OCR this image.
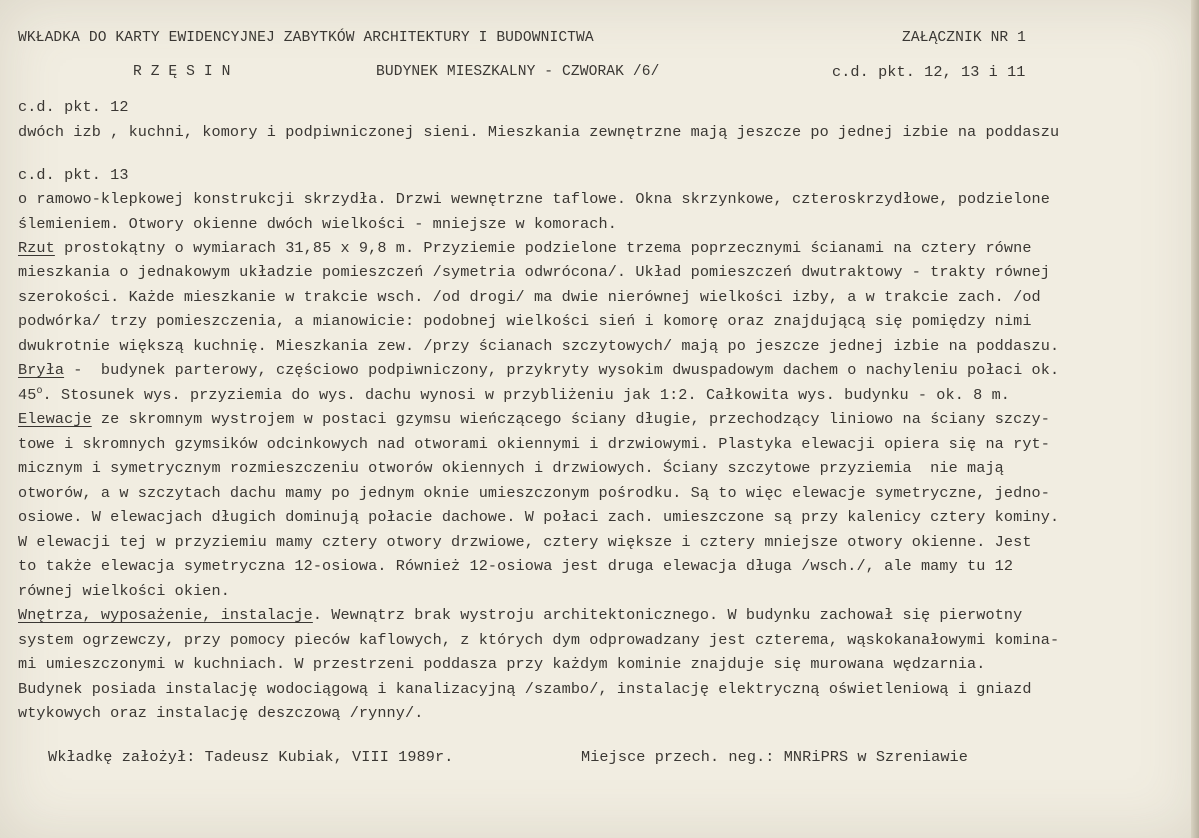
WKŁADKA DO KARTY EWIDENCYJNEJ ZABYTKÓW ARCHITEKTURY I BUDOWNICTWA	ZAŁĄCZNIK NR 1
R Z Ę S I N	BUDYNEK MIESZKALNY - CZWORAK /6/	c.d. pkt. 12, 13 i 11
c.d. pkt. 12
dwóch izb , kuchni, komory i podpiwniczonej sieni. Mieszkania zewnętrzne mają jeszcze po jednej izbie na poddaszu
c.d. pkt. 13
o ramowo-klepkowej konstrukcji skrzydła. Drzwi wewnętrzne taflowe. Okna skrzynkowe, czteroskrzydłowe, podzielone
ślemieniem. Otwory okienne dwóch wielkości - mniejsze w komorach.
Rzut prostokątny o wymiarach 31,85 x 9,8 m. Przyziemie podzielone trzema poprzecznymi ścianami na cztery równe
mieszkania o jednakowym układzie pomieszczeń /symetria odwrócona/. Układ pomieszczeń dwutraktowy - trakty równej
szerokości. Każde mieszkanie w trakcie wsch. /od drogi/ ma dwie nierównej wielkości izby, a w trakcie zach. /od
podwórka/ trzy pomieszczenia, a mianowicie: podobnej wielkości sień i komorę oraz znajdującą się pomiędzy nimi
dwukrotnie większą kuchnię. Mieszkania zew. /przy ścianach szczytowych/ mają po jeszcze jednej izbie na poddaszu.
Bryła -  budynek parterowy, częściowo podpiwniczony, przykryty wysokim dwuspadowym dachem o nachyleniu połaci ok.
45$^o$. Stosunek wys. przyziemia do wys. dachu wynosi w przybliżeniu jak 1:2. Całkowita wys. budynku - ok. 8 m.
Elewacje ze skromnym wystrojem w postaci gzymsu wieńczącego ściany długie, przechodzący liniowo na ściany szczy-
towe i skromnych gzymsików odcinkowych nad otworami okiennymi i drzwiowymi. Plastyka elewacji opiera się na ryt-
micznym i symetrycznym rozmieszczeniu otworów okiennych i drzwiowych. Ściany szczytowe przyziemia  nie mają
otworów, a w szczytach dachu mamy po jednym oknie umieszczonym pośrodku. Są to więc elewacje symetryczne, jedno-
osiowe. W elewacjach długich dominują połacie dachowe. W połaci zach. umieszczone są przy kalenicy cztery kominy.
W elewacji tej w przyziemiu mamy cztery otwory drzwiowe, cztery większe i cztery mniejsze otwory okienne. Jest
to także elewacja symetryczna 12-osiowa. Również 12-osiowa jest druga elewacja długa /wsch./, ale mamy tu 12
równej wielkości okien.
Wnętrza, wyposażenie, instalacje. Wewnątrz brak wystroju architektonicznego. W budynku zachował się pierwotny
system ogrzewczy, przy pomocy pieców kaflowych, z których dym odprowadzany jest czterema, wąskokanałowymi komina-
mi umieszczonymi w kuchniach. W przestrzeni poddasza przy każdym kominie znajduje się murowana wędzarnia.
Budynek posiada instalację wodociągową i kanalizacyjną /szambo/, instalację elektryczną oświetleniową i gniazd
wtykowych oraz instalację deszczową /rynny/.
Wkładkę założył: Tadeusz Kubiak, VIII 1989r.	Miejsce przech. neg.: MNRiPRS w Szreniawie
